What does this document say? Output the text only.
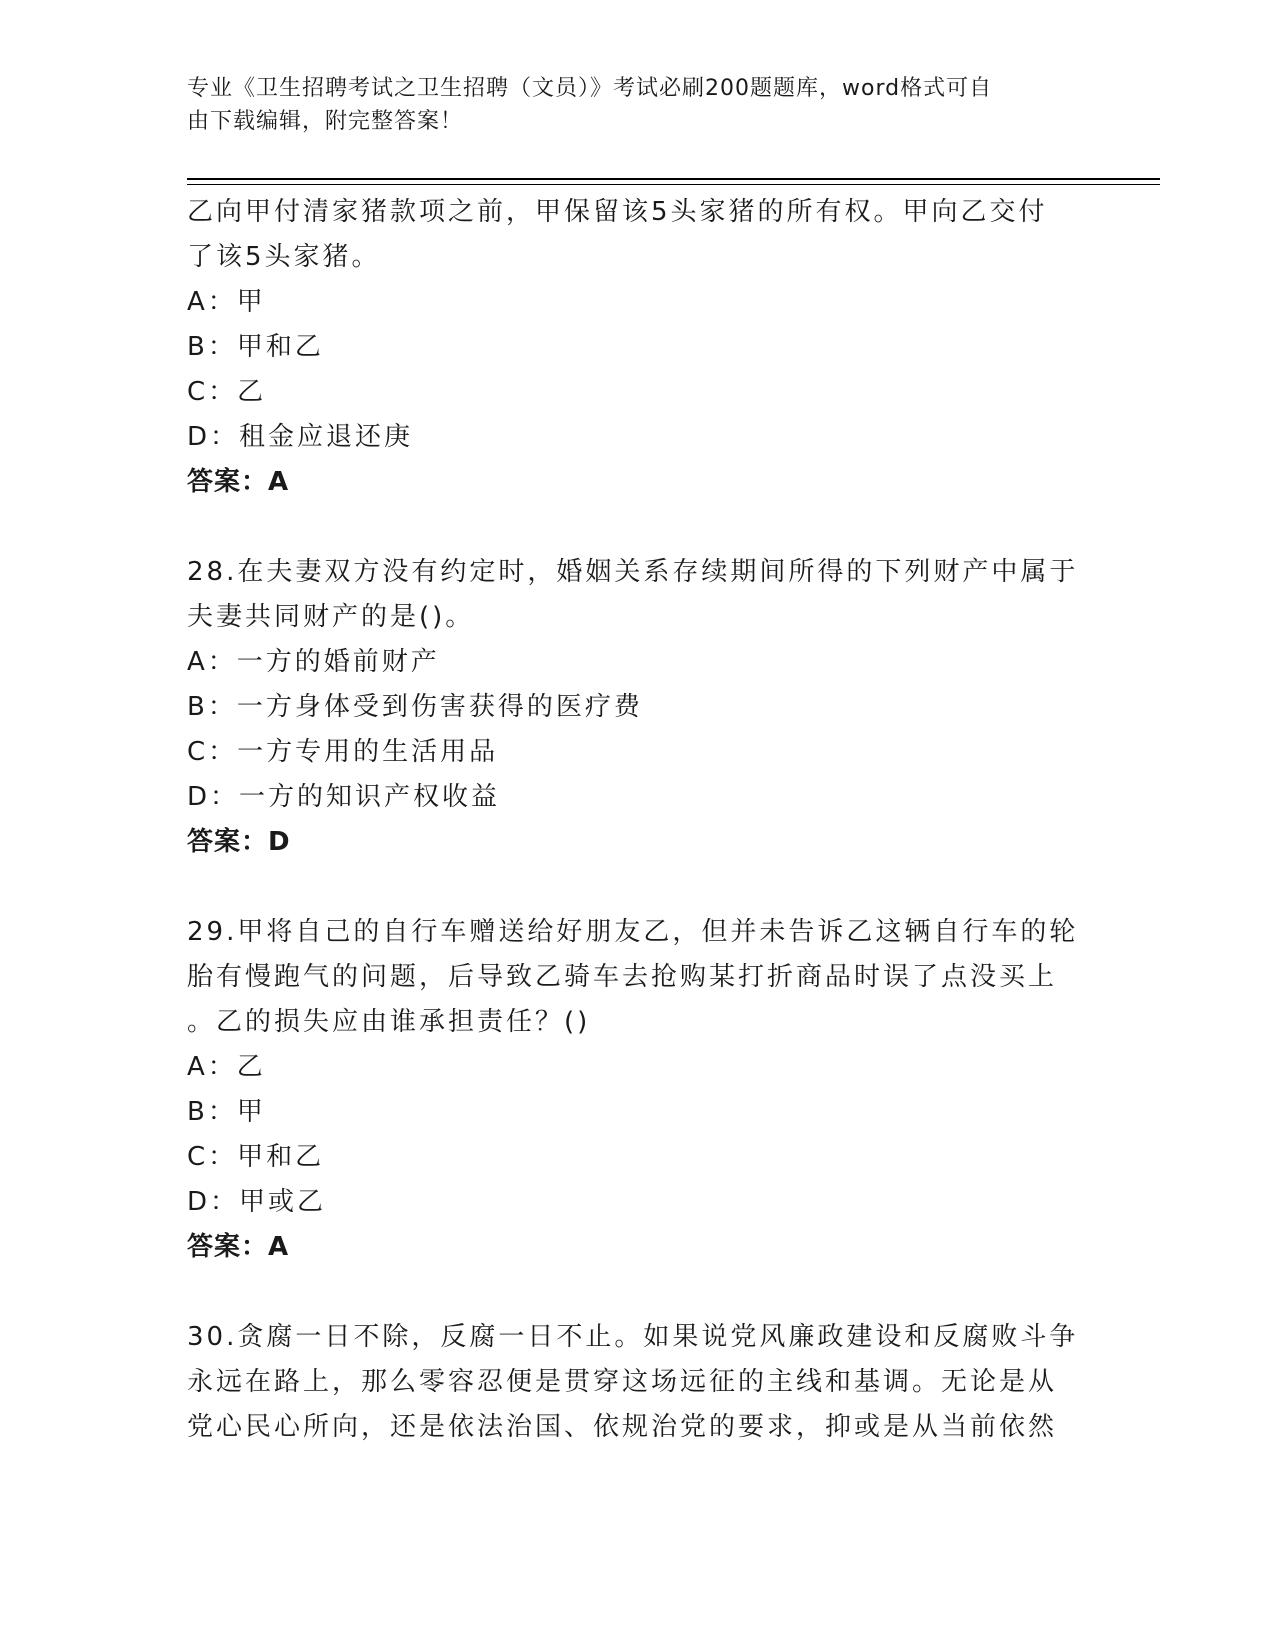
专业《卫生招聘考试之卫生招聘（文员）》考试必刷200题题库，word格式可自
由下载编辑，附完整答案！
乙向甲付清家猪款项之前，甲保留该5头家猪的所有权。甲向乙交付
了该5头家猪。
A：甲
B：甲和乙
C：乙
D：租金应退还庚
答案：A
28.在夫妻双方没有约定时，婚姻关系存续期间所得的下列财产中属于
夫妻共同财产的是()。
A：一方的婚前财产
B：一方身体受到伤害获得的医疗费
C：一方专用的生活用品
D：一方的知识产权收益
答案：D
29.甲将自己的自行车赠送给好朋友乙，但并未告诉乙这辆自行车的轮
胎有慢跑气的问题，后导致乙骑车去抢购某打折商品时误了点没买上
。乙的损失应由谁承担责任？()
A：乙
B：甲
C：甲和乙
D：甲或乙
答案：A
30.贪腐一日不除，反腐一日不止。如果说党风廉政建设和反腐败斗争
永远在路上，那么零容忍便是贯穿这场远征的主线和基调。无论是从
党心民心所向，还是依法治国、依规治党的要求，抑或是从当前依然
